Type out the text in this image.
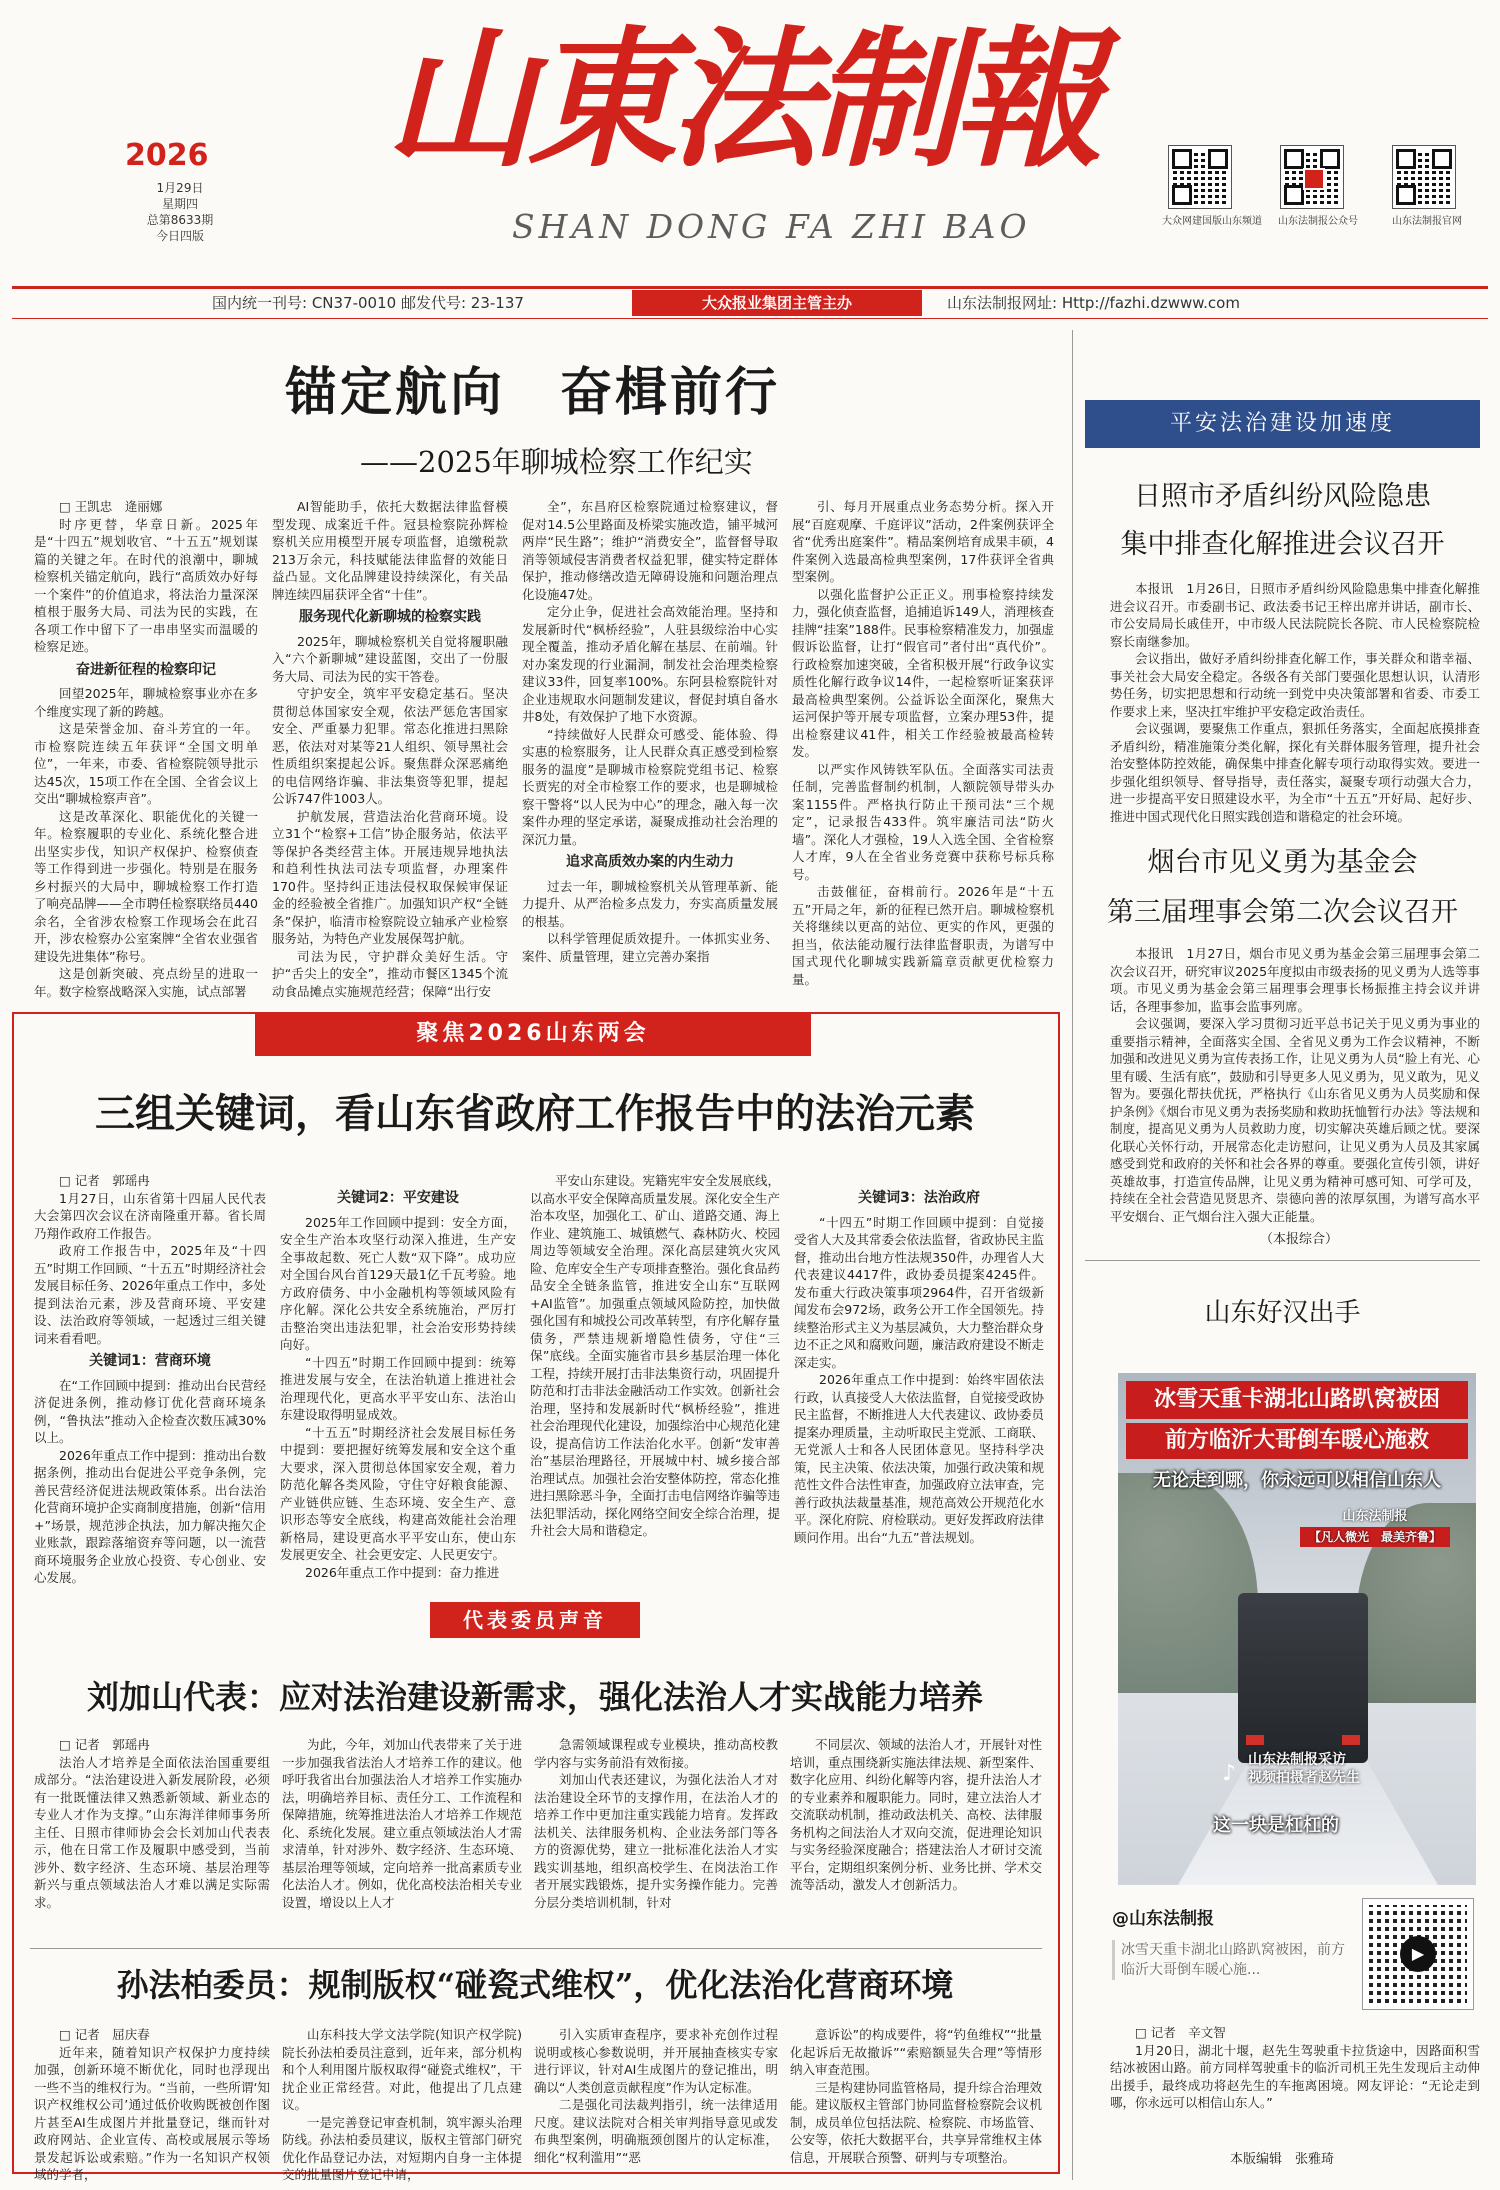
2026
1月29日
星期四
总第8633期
今日四版
山東法制報
SHAN DONG FA ZHI BAO	大众网建国版山东频道 山东法制报公众号	山东法制报官网
国内统一刊号: CN37-0010 邮发代号: 23-137	大众报业集团主管主办	山东法制报网址: Http://fazhi.dzwww.com
锚定航向　奋楫前行
——2025年聊城检察工作纪实

□ 王凯忠　逄丽娜

时序更替，华章日新。2025年是“十四五”规划收官、“十五五”规划谋篇的关键之年。在时代的浪潮中，聊城检察机关锚定航向，践行“高质效办好每一个案件”的价值追求，将法治力量深深植根于服务大局、司法为民的实践，在各项工作中留下了一串串坚实而温暖的检察足迹。

奋进新征程的检察印记

回望2025年，聊城检察事业亦在多个维度实现了新的跨越。

这是荣誉金加、奋斗芳宜的一年。市检察院连续五年获评“全国文明单位”，一年来，市委、省检察院领导批示达45次，15项工作在全国、全省会议上交出“聊城检察声音”。

这是改革深化、职能优化的关键一年。检察履职的专业化、系统化整合进出坚实步伐，知识产权保护、检察侦查等工作得到进一步强化。特别是在服务乡村振兴的大局中，聊城检察工作打造了响亮品牌——全市聘任检察联络员440余名，全省涉农检察工作现场会在此召开，涉农检察办公室案牌“全省农业强省建设先进集体”称号。

这是创新突破、亮点纷呈的进取一年。数字检察战略深入实施，试点部署

AI智能助手，依托大数据法律监督模型发现、成案近千件。冠县检察院孙辉检察机关应用模型开展专项监督，追缴税款213万余元，科技赋能法律监督的效能日益凸显。文化品牌建设持续深化，有关品牌连续四届获评全省“十佳”。

服务现代化新聊城的检察实践

2025年，聊城检察机关自觉将履职融入“六个新聊城”建设蓝图，交出了一份服务大局、司法为民的实干答卷。

守护安全，筑牢平安稳定基石。坚决贯彻总体国家安全观，依法严惩危害国家安全、严重暴力犯罪。常态化推进扫黑除恶，依法对对某等21人组织、领导黑社会性质组织案提起公诉。聚焦群众深恶痛绝的电信网络诈骗、非法集资等犯罪，提起公诉747件1003人。

护航发展，营造法治化营商环境。设立31个“检察+工信”协企服务站，依法平等保护各类经营主体。开展违规异地执法和趋利性执法司法专项监督，办理案件170件。坚持纠正违法侵权取保候审保证金的经验被全省推广。加强知识产权“全链条”保护，临清市检察院设立轴承产业检察服务站，为特色产业发展保驾护航。

司法为民，守护群众美好生活。守护“舌尖上的安全”，推动市餐区1345个流动食品摊点实施规范经营；保障“出行安

全”，东昌府区检察院通过检察建议，督促对14.5公里路面及桥梁实施改造，铺平城河两岸“民生路”；维护“消费安全”，监督督导取消等领域侵害消费者权益犯罪，健实特定群体保护，推动修缮改造无障碍设施和问题治理点化设施47处。

定分止争，促进社会高效能治理。坚持和发展新时代“枫桥经验”，人驻县级综治中心实现全覆盖，推动矛盾化解在基层、在前端。针对办案发现的行业漏洞，制发社会治理类检察建议33件，回复率100%。东阿县检察院针对企业违规取水问题制发建议，督促封填自备水井8处，有效保护了地下水资源。

“持续做好人民群众可感受、能体验、得实惠的检察服务，让人民群众真正感受到检察服务的温度”是聊城市检察院党组书记、检察长贾宪的对全市检察工作的要求，也是聊城检察干警将“以人民为中心”的理念，融入每一次案件办理的坚定承诺，凝聚成推动社会治理的深沉力量。

追求高质效办案的内生动力

过去一年，聊城检察机关从管理革新、能力提升、从严治检多点发力，夯实高质量发展的根基。

以科学管理促质效提升。一体抓实业务、案件、质量管理，建立完善办案指

引、每月开展重点业务态势分析。探入开展“百庭观摩、千庭评议”活动，2件案例获评全省“优秀出庭案件”。精品案例培育成果丰硕，4件案例入选最高检典型案例，17件获评全省典型案例。

以强化监督护公正正义。刑事检察持续发力，强化侦查监督，追捕追诉149人，消理核查挂牌“挂案”188件。民事检察精准发力，加强虚假诉讼监督，让打“假官司”者付出“真代价”。行政检察加速突破，全省积极开展“行政争议实质性化解行政争议14件，一起检察听证案获评最高检典型案例。公益诉讼全面深化，聚焦大运河保护等开展专项监督，立案办理53件，提出检察建议41件，相关工作经验被最高检转发。

以严实作风铸铁军队伍。全面落实司法责任制，完善监督制约机制，人额院领导带头办案1155件。严格执行防止干预司法“三个规定”，记录报告433件。筑牢廉洁司法“防火墙”。深化人才强检，19人入选全国、全省检察人才库，9人在全省业务竞赛中获称号标兵称号。

击鼓催征，奋楫前行。2026年是“十五五”开局之年，新的征程已然开启。聊城检察机关将继续以更高的站位、更实的作风，更强的担当，依法能动履行法律监督职责，为谱写中国式现代化聊城实践新篇章贡献更优检察力量。

平安法治建设加速度
日照市矛盾纠纷风险隐患
集中排查化解推进会议召开

本报讯　1月26日，日照市矛盾纠纷风险隐患集中排查化解推进会议召开。市委副书记、政法委书记王梓出席并讲话，副市长、市公安局局长戚佳开，中市级人民法院院长各院、市人民检察院检察长南继参加。

会议指出，做好矛盾纠纷排查化解工作，事关群众和谐幸福、事关社会大局安全稳定。各级各有关部门要强化思想认识，认清形势任务，切实把思想和行动统一到党中央决策部署和省委、市委工作要求上来，坚决扛牢维护平安稳定政治责任。

会议强调，要聚焦工作重点，狠抓任务落实，全面起底摸排查矛盾纠纷，精准施策分类化解，探化有关群体服务管理，提升社会治安整体防控效能，确保集中排查化解专项行动取得实效。要进一步强化组织领导、督导指导，责任落实，凝聚专项行动强大合力，进一步提高平安日照建设水平，为全市“十五五”开好局、起好步、推进中国式现代化日照实践创造和谐稳定的社会环境。

烟台市见义勇为基金会
第三届理事会第二次会议召开

本报讯　1月27日，烟台市见义勇为基金会第三届理事会第二次会议召开，研究审议2025年度拟由市级表扬的见义勇为人选等事项。市见义勇为基金会第三届理事会理事长杨振推主持会议并讲话，各理事参加，监事会监事列席。

会议强调，要深入学习贯彻习近平总书记关于见义勇为事业的重要指示精神，全面落实全国、全省见义勇为工作会议精神，不断加强和改进见义勇为宣传表扬工作，让见义勇为人员“脸上有光、心里有暖、生活有底”，鼓励和引导更多人见义勇为，见义敢为，见义智为。要强化帮扶优抚，严格执行《山东省见义勇为人员奖励和保护条例》《烟台市见义勇为表扬奖励和救助抚恤暂行办法》等法规和制度，提高见义勇为人员救助力度，切实解决英雄后顾之忧。要深化联心关怀行动，开展常态化走访慰问，让见义勇为人员及其家属感受到党和政府的关怀和社会各界的尊重。要强化宣传引领，讲好英雄故事，打造宣传品牌，让见义勇为精神可感可知、可学可及，持续在全社会营造见贤思齐、崇德向善的浓厚氛围，为谱写高水平平安烟台、正气烟台注入强大正能量。

（本报综合）
山东好汉出手
冰雪天重卡湖北山路趴窝被困
前方临沂大哥倒车暖心施救
无论走到哪，你永远可以相信山东人
山东法制报
【凡人微光　最美齐鲁】
♪
山东法制报采访
视频拍摄者赵先生
这一块是杠杠的
@山东法制报
冰雪天重卡湖北山路趴窝被困，前方临沂大哥倒车暖心施...
▶

□ 记者　辛文智

1月20日，湖北十堰，赵先生驾驶重卡拉货途中，因路面积雪结冰被困山路。前方同样驾驶重卡的临沂司机王先生发现后主动伸出援手，最终成功将赵先生的车拖离困境。网友评论：“无论走到哪，你永远可以相信山东人。”

本版编辑　张雅琦
聚焦2026山东两会
三组关键词，看山东省政府工作报告中的法治元素

□ 记者　郭瑶冉

1月27日，山东省第十四届人民代表大会第四次会议在济南隆重开幕。省长周乃翔作政府工作报告。

政府工作报告中，2025年及“十四五”时期工作回顾、“十五五”时期经济社会发展目标任务、2026年重点工作中，多处提到法治元素，涉及营商环境、平安建设、法治政府等领域，一起透过三组关键词来看看吧。

关键词1：营商环境

在“工作回顾中提到：推动出台民营经济促进条例，推动修订优化营商环境条例，“鲁执法”推动入企检查次数压减30%以上。

2026年重点工作中提到：推动出台数据条例，推动出台促进公平竞争条例，完善民营经济促进法规政策体系。出台法治化营商环境护企实商制度措施，创新“信用+”场景，规范涉企执法，加力解决拖欠企业账款，跟踪落缩资弃等问题，以一流营商环境服务企业放心投资、专心创业、安心发展。

关键词2：平安建设

2025年工作回顾中提到：安全方面，安全生产治本攻坚行动深入推进，生产安全事故起数、死亡人数“双下降”。成功应对全国台风台首129天最1亿千瓦考验。地方政府债务、中小金融机构等领域风险有序化解。深化公共安全系统施治，严厉打击整治突出违法犯罪，社会治安形势持续向好。

“十四五”时期工作回顾中提到：统筹推进发展与安全，在法治轨道上推进社会治理现代化，更高水平平安山东、法治山东建设取得明显成效。

“十五五”时期经济社会发展目标任务中提到：要把握好统筹发展和安全这个重大要求，深入贯彻总体国家安全观，着力防范化解各类风险，守住守好粮食能源、产业链供应链、生态环境、安全生产、意识形态等安全底线，构建高效能社会治理新格局，建设更高水平平安山东，使山东发展更安全、社会更安定、人民更安宁。

2026年重点工作中提到：奋力推进

平安山东建设。宪籍宪牢安全发展底线，以高水平安全保障高质量发展。深化安全生产治本攻坚，加强化工、矿山、道路交通、海上作业、建筑施工、城镇燃气、森林防火、校园周边等领域安全治理。深化高层建筑火灾风险、危库安全生产专项排查整治。强化食品药品安全全链条监管，推进安全山东“互联网+AI监管”。加强重点领域风险防控，加快做强化国有和城投公司改革转型，有序化解存量债务，严禁违规新增隐性债务，守住“三保”底线。全面实施省市县乡基层治理一体化工程，持续开展打击非法集资行动，巩固提升防范和打击非法金融活动工作实效。创新社会治理，坚持和发展新时代“枫桥经验”，推进社会治理现代化建设，加强综治中心规范化建设，提高信访工作法治化水平。创新“发审善治”基层治理路径，开展城中村、城乡接合部治理试点。加强社会治安整体防控，常态化推进扫黑除恶斗争，全面打击电信网络诈骗等违法犯罪活动，探化网络空间安全综合治理，提升社会大局和谐稳定。

关键词3：法治政府

“十四五”时期工作回顾中提到：自觉接受省人大及其常委会依法监督，省政协民主监督，推动出台地方性法规350件，办理省人大代表建议4417件，政协委员提案4245件。发布重大行政决策事项2964件，召开省级新闻发布会972场，政务公开工作全国领先。持续整治形式主义为基层减负，大力整治群众身边不正之风和腐败问题，廉洁政府建设不断走深走实。

2026年重点工作中提到：始终牢固依法行政，认真接受人大依法监督，自觉接受政协民主监督，不断推进人大代表建议、政协委员提案办理质量，主动听取民主党派、工商联、无党派人士和各人民团体意见。坚持科学决策，民主决策、依法决策，加强行政决策和规范性文件合法性审查，加强政府立法审查，完善行政执法裁量基准，规范高效公开规范化水平。深化府院、府检联动。更好发挥政府法律顾问作用。出台“九五”普法规划。

代表委员声音
刘加山代表：应对法治建设新需求，强化法治人才实战能力培养

□ 记者　郭瑶冉

法治人才培养是全面依法治国重要组成部分。“法治建设进入新发展阶段，必须有一批既懂法律又熟悉新领域、新业态的专业人才作为支撑。”山东海洋律师事务所主任、日照市律师协会会长刘加山代表表示，他在日常工作及履职中感受到，当前涉外、数字经济、生态环境、基层治理等新兴与重点领域法治人才难以满足实际需求。

为此，今年，刘加山代表带来了关于进一步加强我省法治人才培养工作的建议。他呼吁我省出台加强法治人才培养工作实施办法，明确培养目标、责任分工、工作流程和保障措施，统筹推进法治人才培养工作规范化、系统化发展。建立重点领域法治人才需求清单，针对涉外、数字经济、生态环境、基层治理等领域，定向培养一批高素质专业化法治人才。例如，优化高校法治相关专业设置，增设以上人才

急需领域课程或专业模块，推动高校教学内容与实务前沿有效衔接。

刘加山代表还建议，为强化法治人才对法治建设全环节的支撑作用，在法治人才的培养工作中更加注重实践能力培育。发挥政法机关、法律服务机构、企业法务部门等各方的资源优势，建立一批标准化法治人才实践实训基地，组织高校学生、在岗法治工作者开展实践锻炼，提升实务操作能力。完善分层分类培训机制，针对

不同层次、领域的法治人才，开展针对性培训，重点围绕新实施法律法规、新型案件、数字化应用、纠纷化解等内容，提升法治人才的专业素养和履职能力。同时，建立法治人才交流联动机制，推动政法机关、高校、法律服务机构之间法治人才双向交流，促进理论知识与实务经验深度融合；搭建法治人才研讨交流平台，定期组织案例分析、业务比拼、学术交流等活动，激发人才创新活力。

孙法柏委员：规制版权“碰瓷式维权”，优化法治化营商环境

□ 记者　屈庆春

近年来，随着知识产权保护力度持续加强，创新环境不断优化，同时也浮现出一些不当的维权行为。“当前，一些所谓‘知识产权维权公司’通过低价收购既被创作图片甚至AI生成图片并批量登记，继而针对政府网站、企业宣传、高校或展展示等场景发起诉讼或索赔。”作为一名知识产权领域的学者，

山东科技大学文法学院(知识产权学院)院长孙法柏委员注意到，近年来，部分机构和个人利用图片版权取得“碰瓷式维权”，干扰企业正常经营。对此，他提出了几点建议。

一是完善登记审查机制，筑牢源头治理防线。孙法柏委员建议，版权主管部门研究优化作品登记办法，对短期内自身一主体提交的批量图片登记申请，

引入实质审查程序，要求补充创作过程说明或核心参数说明，并开展抽查核实专家进行评议，针对AI生成图片的登记推出，明确以“人类创意贡献程度”作为认定标准。

二是强化司法裁判指引，统一法律适用尺度。建议法院对合相关审判指导意见或发布典型案例，明确瓶颈创图片的认定标准，细化“权利滥用”“恶

意诉讼”的构成要件，将“钓鱼维权”“批量化起诉后无故撤诉”“索赔额显失合理”等情形纳入审查范围。

三是构建协同监管格局，提升综合治理效能。建议版权主管部门协同监督检察院会议机制，成员单位包括法院、检察院、市场监管、公安等，依托大数据平台，共享异常维权主体信息，开展联合预警、研判与专项整治。
